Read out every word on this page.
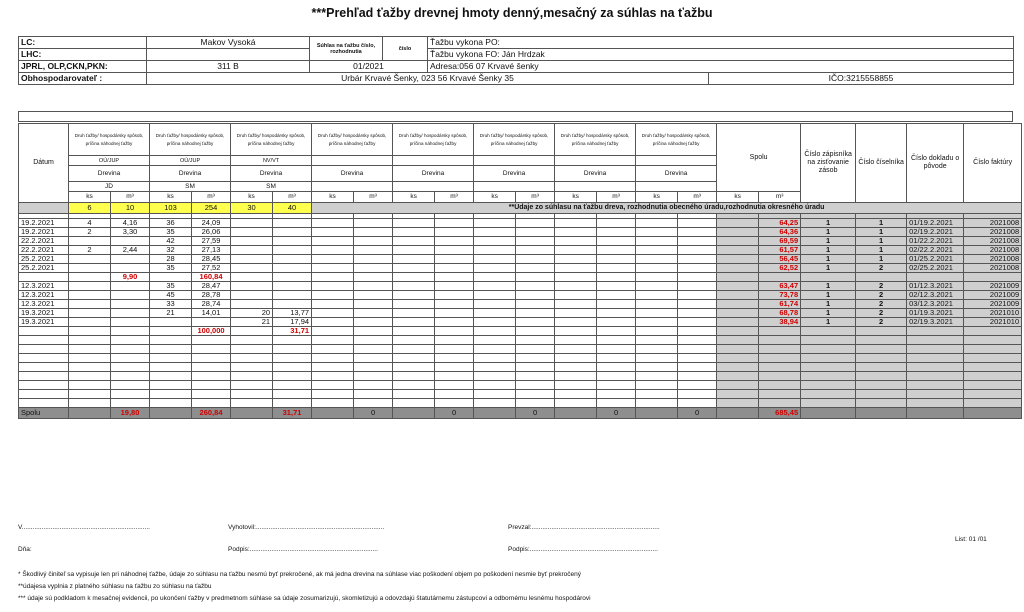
***Prehľad ťažby drevnej hmoty denný,mesačný za súhlas na ťažbu
LC:	Makov Vysoká	Súhlas na ťažbu číslo, rozhodnutia	číslo	Ťažbu vykona PO:	
LHC:				Ťažbu vykona FO: Ján Hrdzak	
JPRL, OLP,CKN,PKN:	311 B	01/2021		Adresa:056 07 Krvavé šenky	
Obhospodarovateľ :	Urbár Krvavé Šenky, 023 56 Krvavé Šenky 35				IČO:3215558855
Dátum	Druh ťažby/ hospodársky spôsob, príčina náhodnej ťažby		Druh ťažby/ hospodársky spôsob, príčina náhodnej ťažby		Druh ťažby/ hospodársky spôsob, príčina náhodnej ťažby		Druh ťažby/ hospodársky spôsob, príčina náhodnej ťažby		Druh ťažby/ hospodársky spôsob, príčina náhodnej ťažby		Druh ťažby/ hospodársky spôsob, príčina náhodnej ťažby		Druh ťažby/ hospodársky spôsob, príčina náhodnej ťažby		Druh ťažby/ hospodársky spôsob, príčina náhodnej ťažby		Spolu		Číslo zápisníka na zisťovanie zásob	Číslo číselníka	Číslo dokladu o pôvode	Číslo faktúry
	OÚ/JUP		OÚ/JUP		NV/VT																	
	Drevina		Drevina		Drevina		Drevina		Drevina		Drevina		Drevina		Drevina							
	JD		SM		SM																	
	ks	m³	ks	m³	ks	m³	ks	m³	ks	m³	ks	m³	ks	m³	ks	m³	ks	m³				
	6	10	103	254	30	40	**Údaje zo súhlasu na ťažbu dreva, rozhodnutia obecného úradu,rozhodnutia okresného úradu															

19.2.2021	4	4,16	36	24,09														64,25	1	1	01/19.2.2021	2021008
19.2.2021	2	3,30	35	26,06														64,36	1	1	02/19.2.2021	2021008
22.2.2021			42	27,59														69,59	1	1	01/22.2.2021	2021008
22.2.2021	2	2,44	32	27,13														61,57	1	1	02/22.2.2021	2021008
25.2.2021			28	28,45														56,45	1	1	01/25.2.2021	2021008
25.2.2021			35	27,52														62,52	1	2	02/25.2.2021	2021008
		9,90		160,84																		
12.3.2021			35	28,47														63,47	1	2	01/12.3.2021	2021009
12.3.2021			45	28,78														73,78	1	2	02/12.3.2021	2021009
12.3.2021			33	28,74														61,74	1	2	03/12.3.2021	2021009
19.3.2021			21	14,01	20	13,77												68,78	1	2	01/19.3.2021	2021010
19.3.2021					21	17,94												38,94	1	2	02/19.3.2021	2021010
				100,000		31,71																

Spolu		19,80		260,84		31,71		0		0		0		0		0		685,45				
V.......................................................................	Vyhotovil:.......................................................................	Prevzal:.......................................................................
Dňa:	Podpis:.......................................................................	Podpis:.......................................................................
List: 01 /01
* Škodlivý činiteľ sa vypisuje len pri náhodnej ťažbe, údaje zo súhlasu na ťažbu nesmú byť prekročené, ak má jedna drevina na súhlase viac poškodení objem po poškodení nesmie byť prekročený
**údajesa vyplnia z platného súhlasu na ťažbu zo súhlasu na ťažbu
*** údaje sú podkladom k mesačnej evidencii, po ukončení ťažby v predmetnom súhlase sa údaje zosumarizujú, skomletizujú a odovzdajú štatutárnemu zástupcovi a odbornému lesnému hospodárovi
